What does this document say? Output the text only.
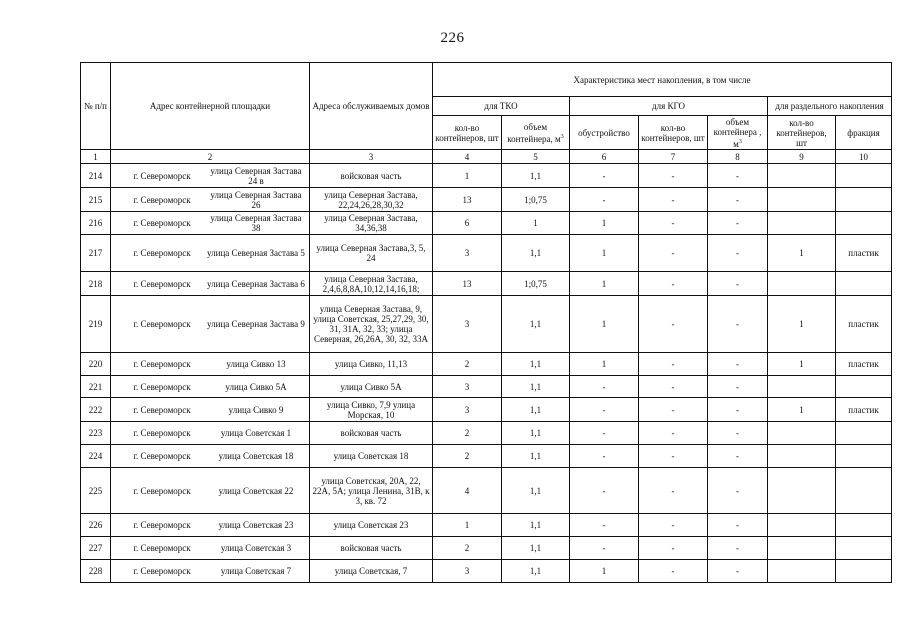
226
№ п/п	Адрес контейнерной площадки	Адреса обслуживаемых домов	Характеристика мест накопления, в том числе						
			для ТКО		для КГО			для раздельного накопления	
			кол-во контейнеров, шт	объем контейнера, $м^3$	обустройство	кол-во контейнеров, шт	объем контейнера , $м^3$	кол-во контейнеров, шт	фракция
1	2	3	4	5	6	7	8	9	10
214	г. Североморск улица Северная Застава 24 в	войсковая часть	1	1,1	-	-	-		
215	г. Североморск улица Северная Застава 26	улица Северная Застава, 22,24,26,28,30,32	13	1;0,75	-	-	-		
216	г. Североморск улица Северная Застава 38	улица Северная Застава, 34,36,38	6	1	1	-	-		
217	г. Североморск улица Северная Застава 5	улица Северная Застава,3, 5, 24	3	1,1	1	-	-	1	пластик
218	г. Североморск улица Северная Застава 6	улица Северная Застава, 2,4,6,8,8А,10,12,14,16,18;	13	1;0,75	1	-	-		
219	г. Североморск улица Северная Застава 9	улица Северная Застава, 9, улица Советская, 25,27,29, 30, 31, 31А, 32, 33; улица Северная, 26,26А, 30, 32, 33А	3	1,1	1	-	-	1	пластик
220	г. Североморск улица Сивко 13	улица Сивко, 11,13	2	1,1	1	-	-	1	пластик
221	г. Североморск улица Сивко 5А	улица Сивко 5А	3	1,1	-	-	-		
222	г. Североморск улица Сивко 9	улица Сивко, 7,9 улица Морская, 10	3	1,1	-	-	-	1	пластик
223	г. Североморск улица Советская 1	войсковая часть	2	1,1	-	-	-		
224	г. Североморск улица Советская 18	улица Советская 18	2	1,1	-	-	-		
225	г. Североморск улица Советская 22	улица Советская, 20А, 22, 22А, 5А; улица Ленина, 31В, к 3, кв. 72	4	1,1	-	-	-		
226	г. Североморск улица Советская 23	улица Советская 23	1	1,1	-	-	-		
227	г. Североморск улица Советская 3	войсковая часть	2	1,1	-	-	-		
228	г. Североморск улица Советская 7	улица Советская, 7	3	1,1	1	-	-		
